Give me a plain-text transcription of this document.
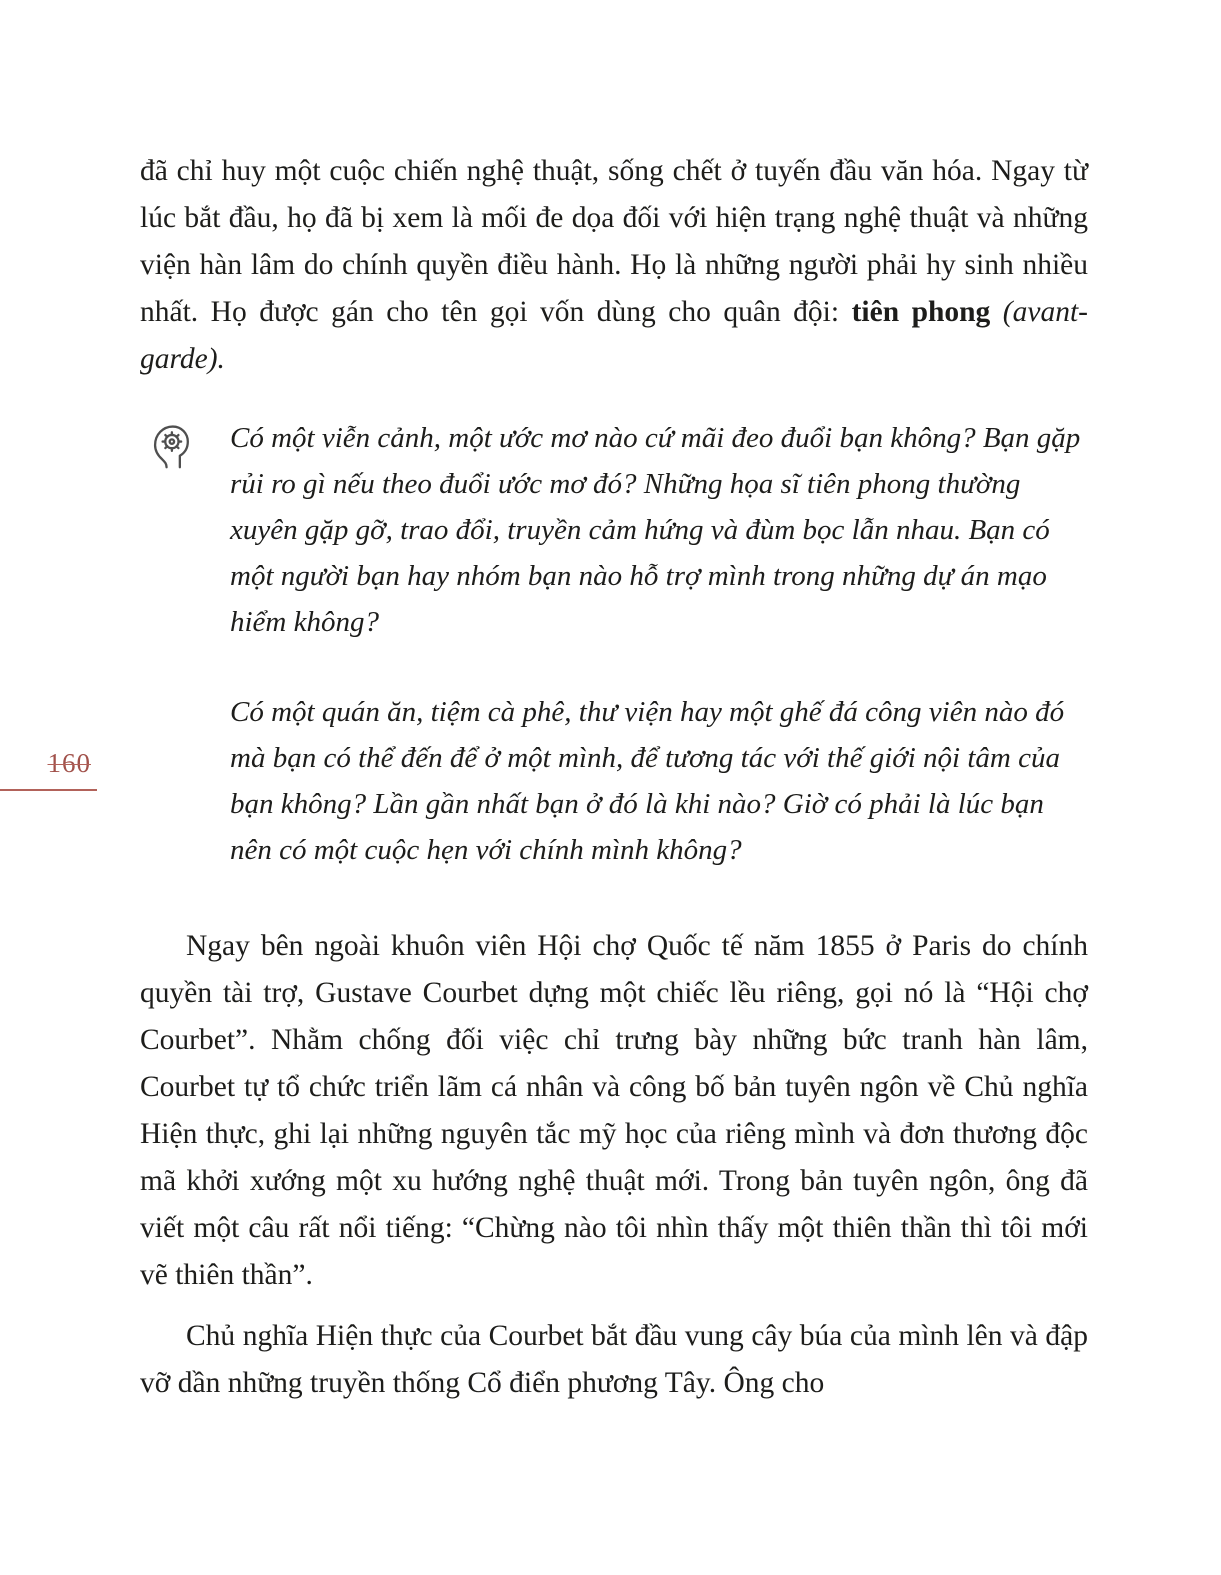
160

đã chỉ huy một cuộc chiến nghệ thuật, sống chết ở tuyến đầu văn hóa. Ngay từ lúc bắt đầu, họ đã bị xem là mối đe dọa đối với hiện trạng nghệ thuật và những viện hàn lâm do chính quyền điều hành. Họ là những người phải hy sinh nhiều nhất. Họ được gán cho tên gọi vốn dùng cho quân đội: tiên phong (avant-garde).

Có một viễn cảnh, một ước mơ nào cứ mãi đeo đuổi bạn không? Bạn gặp rủi ro gì nếu theo đuổi ước mơ đó? Những họa sĩ tiên phong thường xuyên gặp gỡ, trao đổi, truyền cảm hứng và đùm bọc lẫn nhau. Bạn có một người bạn hay nhóm bạn nào hỗ trợ mình trong những dự án mạo hiểm không?

Có một quán ăn, tiệm cà phê, thư viện hay một ghế đá công viên nào đó mà bạn có thể đến để ở một mình, để tương tác với thế giới nội tâm của bạn không? Lần gần nhất bạn ở đó là khi nào? Giờ có phải là lúc bạn nên có một cuộc hẹn với chính mình không?

Ngay bên ngoài khuôn viên Hội chợ Quốc tế năm 1855 ở Paris do chính quyền tài trợ, Gustave Courbet dựng một chiếc lều riêng, gọi nó là “Hội chợ Courbet”. Nhằm chống đối việc chỉ trưng bày những bức tranh hàn lâm, Courbet tự tổ chức triển lãm cá nhân và công bố bản tuyên ngôn về Chủ nghĩa Hiện thực, ghi lại những nguyên tắc mỹ học của riêng mình và đơn thương độc mã khởi xướng một xu hướng nghệ thuật mới. Trong bản tuyên ngôn, ông đã viết một câu rất nổi tiếng: “Chừng nào tôi nhìn thấy một thiên thần thì tôi mới vẽ thiên thần”.

Chủ nghĩa Hiện thực của Courbet bắt đầu vung cây búa của mình lên và đập vỡ dần những truyền thống Cổ điển phương Tây. Ông cho
